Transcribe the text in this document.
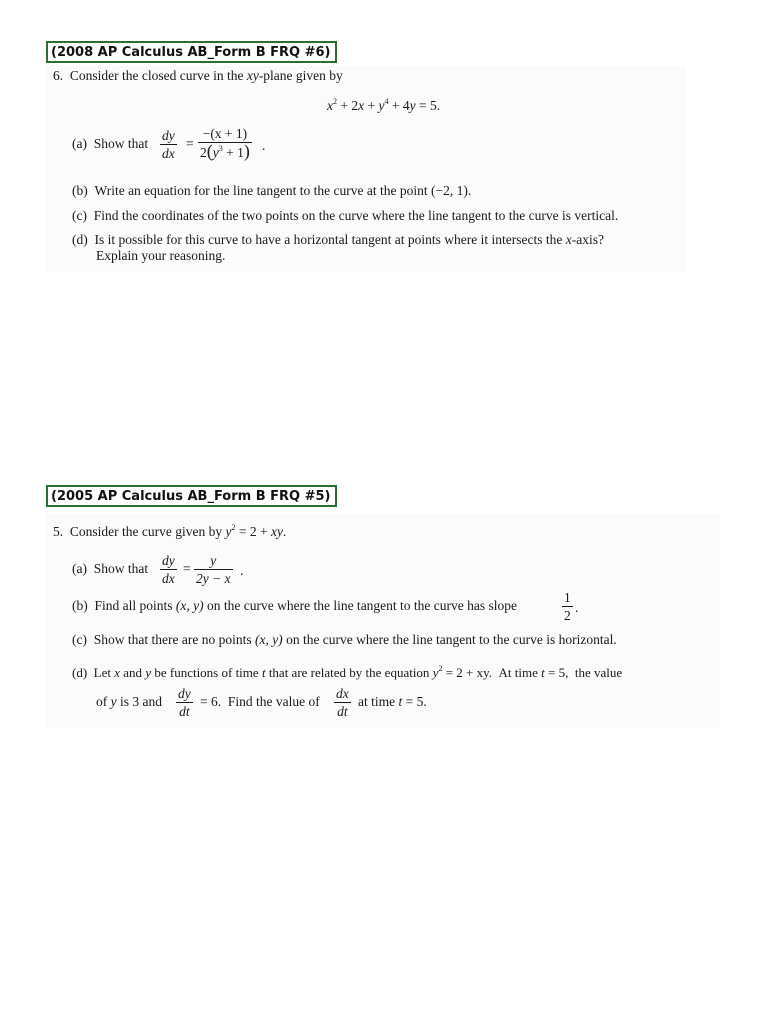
(2008 AP Calculus AB_Form B FRQ #6)
6. Consider the closed curve in the xy-plane given by
$x^2 + 2x + y^4 + 4y = 5$.
(a) Show that $\frac{dy}{dx} = \frac{-(x + 1)}{2(y^3 + 1)}$ .
(b) Write an equation for the line tangent to the curve at the point (−2, 1).
(c) Find the coordinates of the two points on the curve where the line tangent to the curve is vertical.
(d) Is it possible for this curve to have a horizontal tangent at points where it intersects the x-axis?
Explain your reasoning.
(2005 AP Calculus AB_Form B FRQ #5)
5. Consider the curve given by $y^2 = 2$ + xy.
(a) Show that $\frac{dy}{dx} = \frac{y}{2y - x}$ .
(b) Find all points (x, y) on the curve where the line tangent to the curve has slope	$\frac{1}{2}$ .
(c) Show that there are no points (x, y) on the curve where the line tangent to the curve is horizontal.
(d) Let x and y be functions of time t that are related by the equation $y^2 = 2$ + xy. At time t = 5, the value
of y is 3 and $\frac{dy}{dt} = 6$. Find the value of $\frac{dx}{dt}$ at time t = 5.
